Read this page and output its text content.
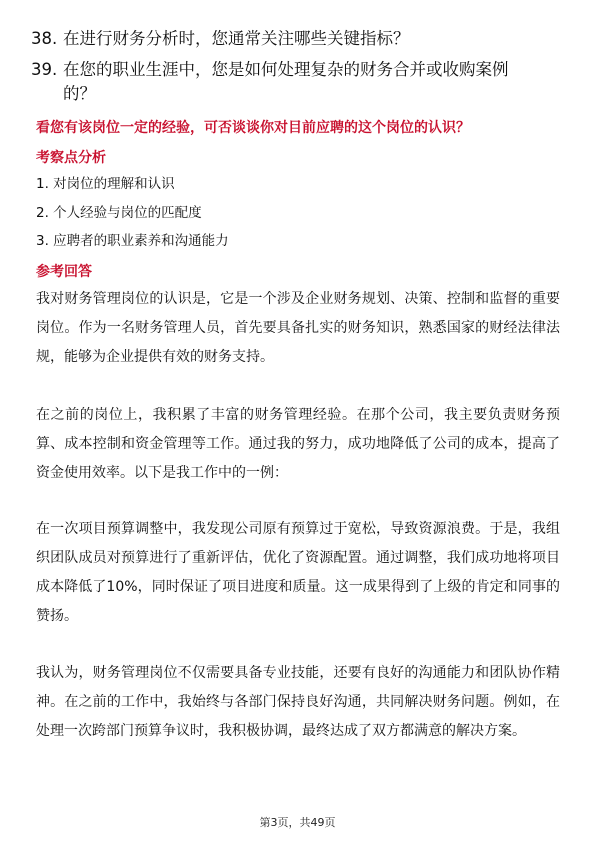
38. 在进行财务分析时，您通常关注哪些关键指标？

39. 在您的职业生涯中，您是如何处理复杂的财务合并或收购案例
的？

看您有该岗位一定的经验，可否谈谈你对目前应聘的这个岗位的认识？

考察点分析

1. 对岗位的理解和认识

2. 个人经验与岗位的匹配度

3. 应聘者的职业素养和沟通能力

参考回答

我对财务管理岗位的认识是，它是一个涉及企业财务规划、决策、控制和监督的重要岗位。作为一名财务管理人员，首先要具备扎实的财务知识，熟悉国家的财经法律法规，能够为企业提供有效的财务支持。

在之前的岗位上，我积累了丰富的财务管理经验。在那个公司，我主要负责财务预算、成本控制和资金管理等工作。通过我的努力，成功地降低了公司的成本，提高了资金使用效率。以下是我工作中的一例：

在一次项目预算调整中，我发现公司原有预算过于宽松，导致资源浪费。于是，我组织团队成员对预算进行了重新评估，优化了资源配置。通过调整，我们成功地将项目成本降低了10%，同时保证了项目进度和质量。这一成果得到了上级的肯定和同事的赞扬。

我认为，财务管理岗位不仅需要具备专业技能，还要有良好的沟通能力和团队协作精神。在之前的工作中，我始终与各部门保持良好沟通，共同解决财务问题。例如，在处理一次跨部门预算争议时，我积极协调，最终达成了双方都满意的解决方案。

第3页，共49页
